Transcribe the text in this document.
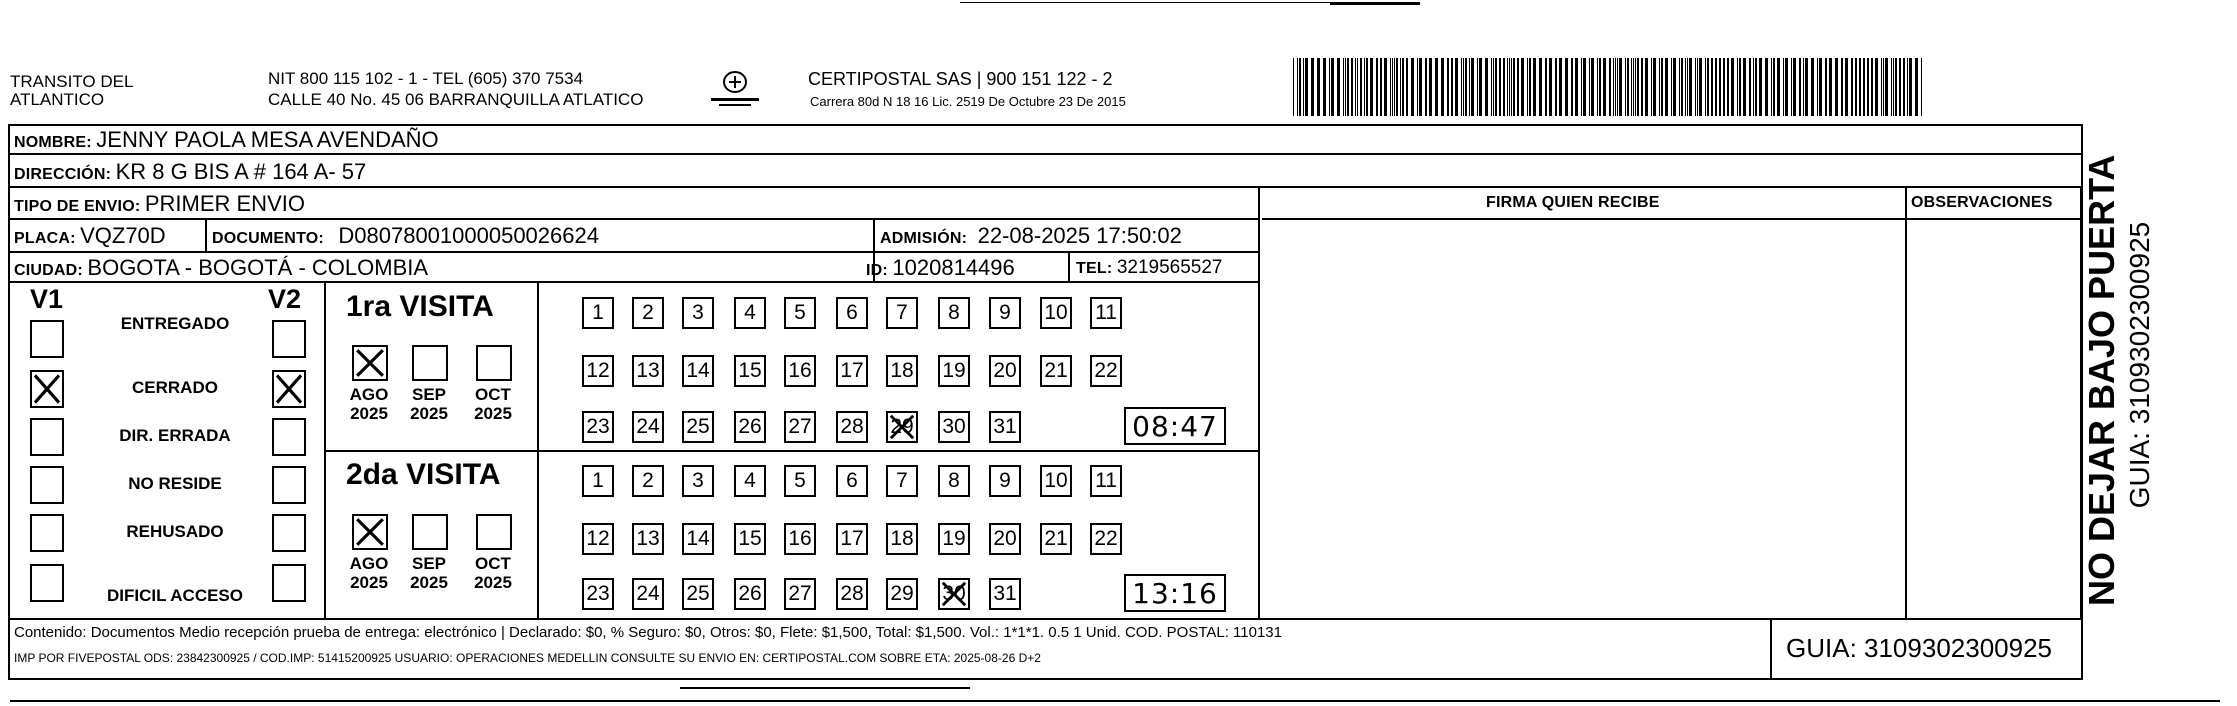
TRANSITO DEL
ATLANTICO
NIT 800 115 102 - 1 - TEL (605) 370 7534
CALLE 40 No. 45 06 BARRANQUILLA ATLATICO
CERTIPOSTAL SAS | 900 151 122 - 2
Carrera 80d N 18 16 Lic. 2519 De Octubre 23 De 2015
NOMBRE: JENNY PAOLA MESA AVENDAÑO
DIRECCIÓN: KR 8 G BIS A # 164 A- 57
TIPO DE ENVIO: PRIMER ENVIO	FIRMA QUIEN RECIBE	OBSERVACIONES
PLACA: VQZ70D	DOCUMENTO: D08078001000050026624	ADMISIÓN: 22-08-2025 17:50:02
CIUDAD: BOGOTA - BOGOTÁ - COLOMBIA	ID: 1020814496	TEL: 3219565527
V1	V2 1ra VISITA
2da VISITA
Contenido: Documentos Medio recepción prueba de entrega: electrónico | Declarado: $0, % Seguro: $0, Otros: $0, Flete: $1,500, Total: $1,500. Vol.: 1*1*1. 0.5 1 Unid. COD. POSTAL: 110131
IMP POR FIVEPOSTAL ODS: 23842300925 / COD.IMP: 51415200925 USUARIO: OPERACIONES MEDELLIN CONSULTE SU ENVIO EN: CERTIPOSTAL.COM SOBRE ETA: 2025-08-26 D+2	GUIA: 3109302300925
NO DEJAR BAJO PUERTA GUIA: 3109302300925
ENTREGADO
CERRADO
DIR. ERRADA
NO RESIDE
REHUSADO
DIFICIL ACCESO
AGO
2025
SEP
2025
OCT
2025
AGO
2025
SEP
2025
OCT
2025
1 2 3 4 5 6 7 8 9 10 11
12 13 14 15 16 17 18 19 20 21 22
23 24 25 26 27 28 29 30 31	08:47
1 2 3 4 5 6 7 8 9 10 11
12 13 14 15 16 17 18 19 20 21 22
23 24 25 26 27 28 29 30 31	13:16
